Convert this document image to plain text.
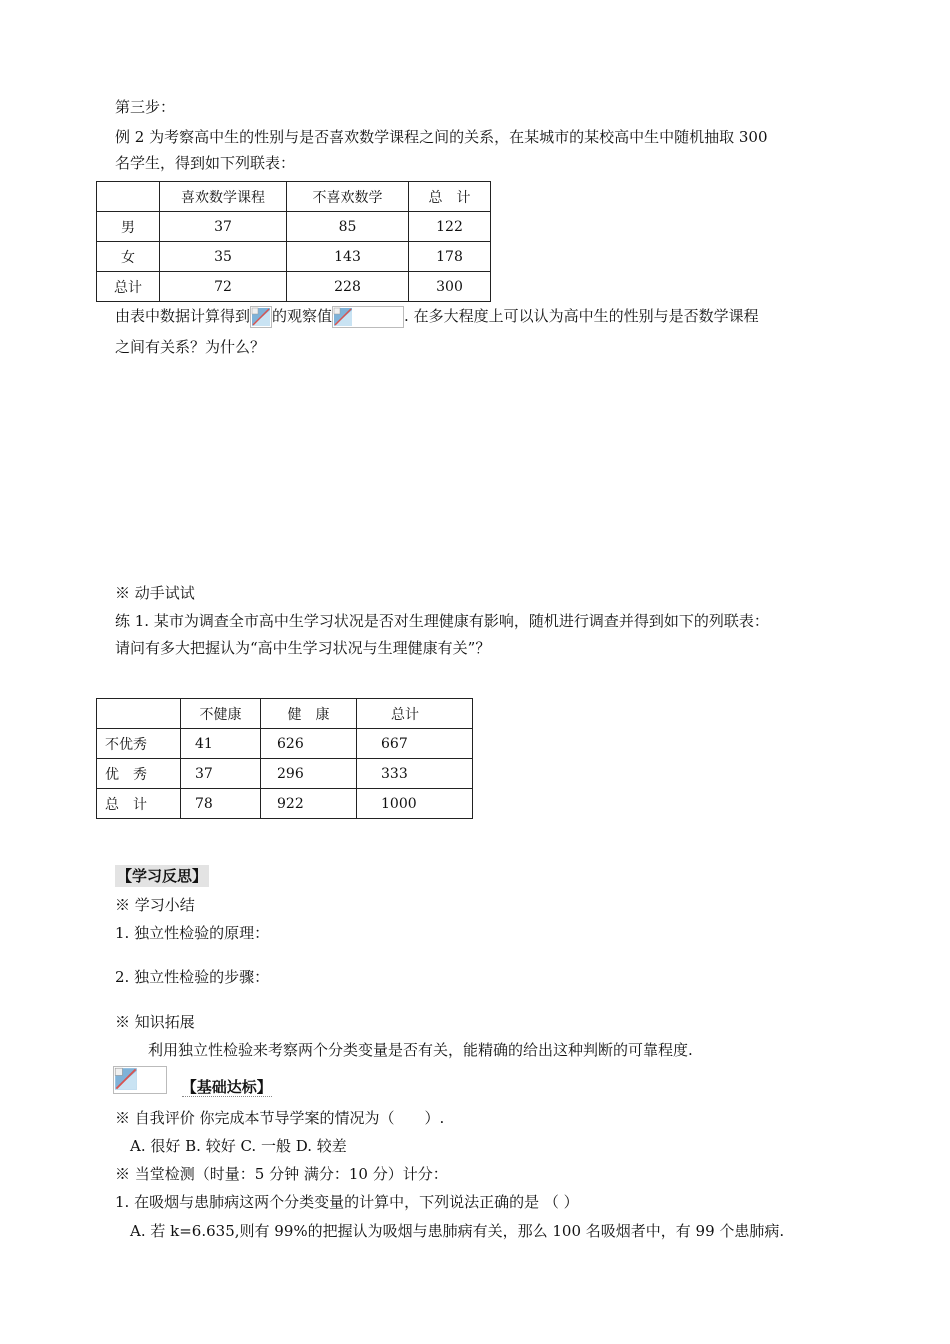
第三步：
例 2 为考察高中生的性别与是否喜欢数学课程之间的关系，在某城市的某校高中生中随机抽取 300
名学生，得到如下列联表：
	喜欢数学课程	不喜欢数学	总　计
男	37	85	122
女	35	143	178
总计	72	228	300
由表中数据计算得到 的观察值	. 在多大程度上可以认为高中生的性别与是否数学课程
之间有关系？为什么？
※ 动手试试
练 1. 某市为调查全市高中生学习状况是否对生理健康有影响，随机进行调查并得到如下的列联表：
请问有多大把握认为“高中生学习状况与生理健康有关”？
	不健康	健　康	总计
不优秀	41	626	667
优　秀	37	296	333
总　计	78	922	1000
【学习反思】
※ 学习小结
1. 独立性检验的原理：
2. 独立性检验的步骤：
※ 知识拓展
利用独立性检验来考察两个分类变量是否有关，能精确的给出这种判断的可靠程度.
【基础达标】
※ 自我评价 你完成本节导学案的情况为（　　）.
A. 很好 B. 较好 C. 一般 D. 较差
※ 当堂检测（时量：5 分钟 满分：10 分）计分：
1. 在吸烟与患肺病这两个分类变量的计算中，下列说法正确的是 （ ）
A. 若 k=6.635,则有 99%的把握认为吸烟与患肺病有关，那么 100 名吸烟者中，有 99 个患肺病.
